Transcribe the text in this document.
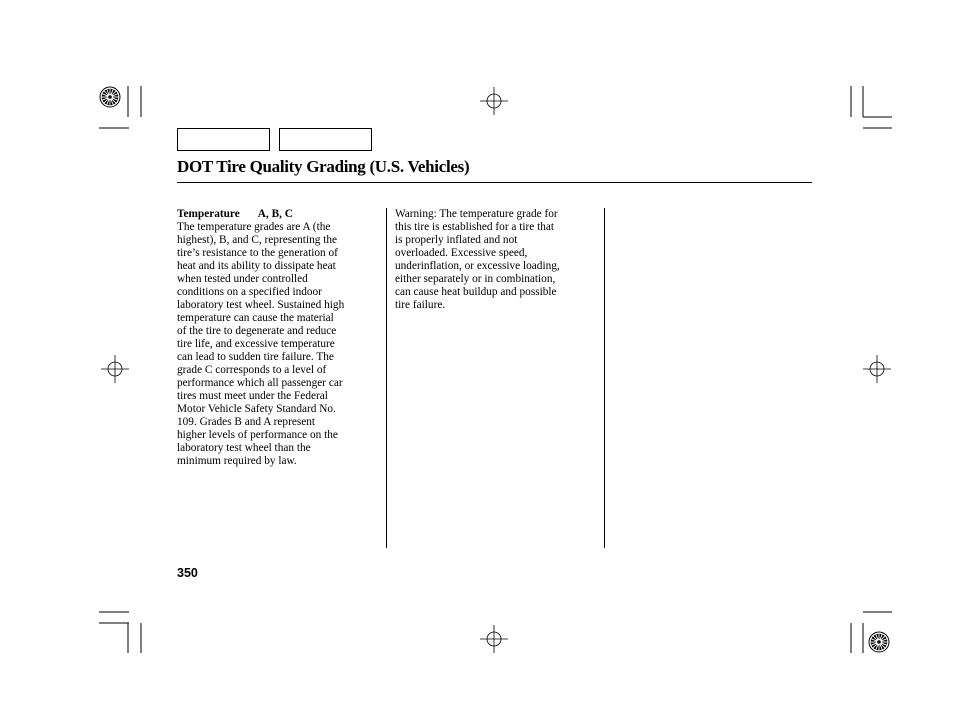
DOT Tire Quality Grading (U.S. Vehicles)
Temperature A, B, C
The temperature grades are A (the
highest), B, and C, representing the
tire’s resistance to the generation of
heat and its ability to dissipate heat
when tested under controlled
conditions on a specified indoor
laboratory test wheel. Sustained high
temperature can cause the material
of the tire to degenerate and reduce
tire life, and excessive temperature
can lead to sudden tire failure. The
grade C corresponds to a level of
performance which all passenger car
tires must meet under the Federal
Motor Vehicle Safety Standard No.
109. Grades B and A represent
higher levels of performance on the
laboratory test wheel than the
minimum required by law.
Warning: The temperature grade for
this tire is established for a tire that
is properly inflated and not
overloaded. Excessive speed,
underinflation, or excessive loading,
either separately or in combination,
can cause heat buildup and possible
tire failure.
350
